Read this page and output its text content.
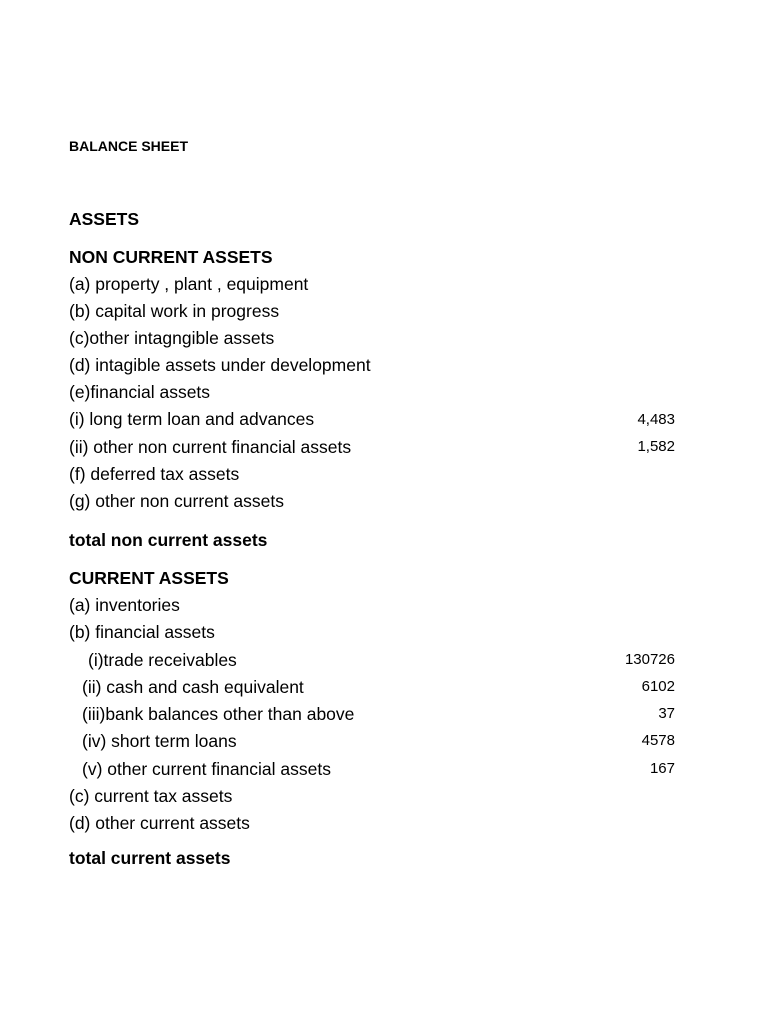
BALANCE SHEET
ASSETS
NON CURRENT ASSETS
(a) property , plant , equipment
(b) capital work in progress
(c)other intagngible assets
(d) intagible assets under development
(e)financial assets
(i) long term loan and advances	4,483
(ii) other non current financial assets	1,582
(f) deferred tax assets
(g) other non current assets
total non current assets
CURRENT ASSETS
(a) inventories
(b) financial assets
(i)trade receivables	130726
(ii) cash and cash equivalent	6102
(iii)bank balances other than above	37
(iv) short term loans	4578
(v) other current financial assets	167
(c) current tax assets
(d) other current assets
total current assets
